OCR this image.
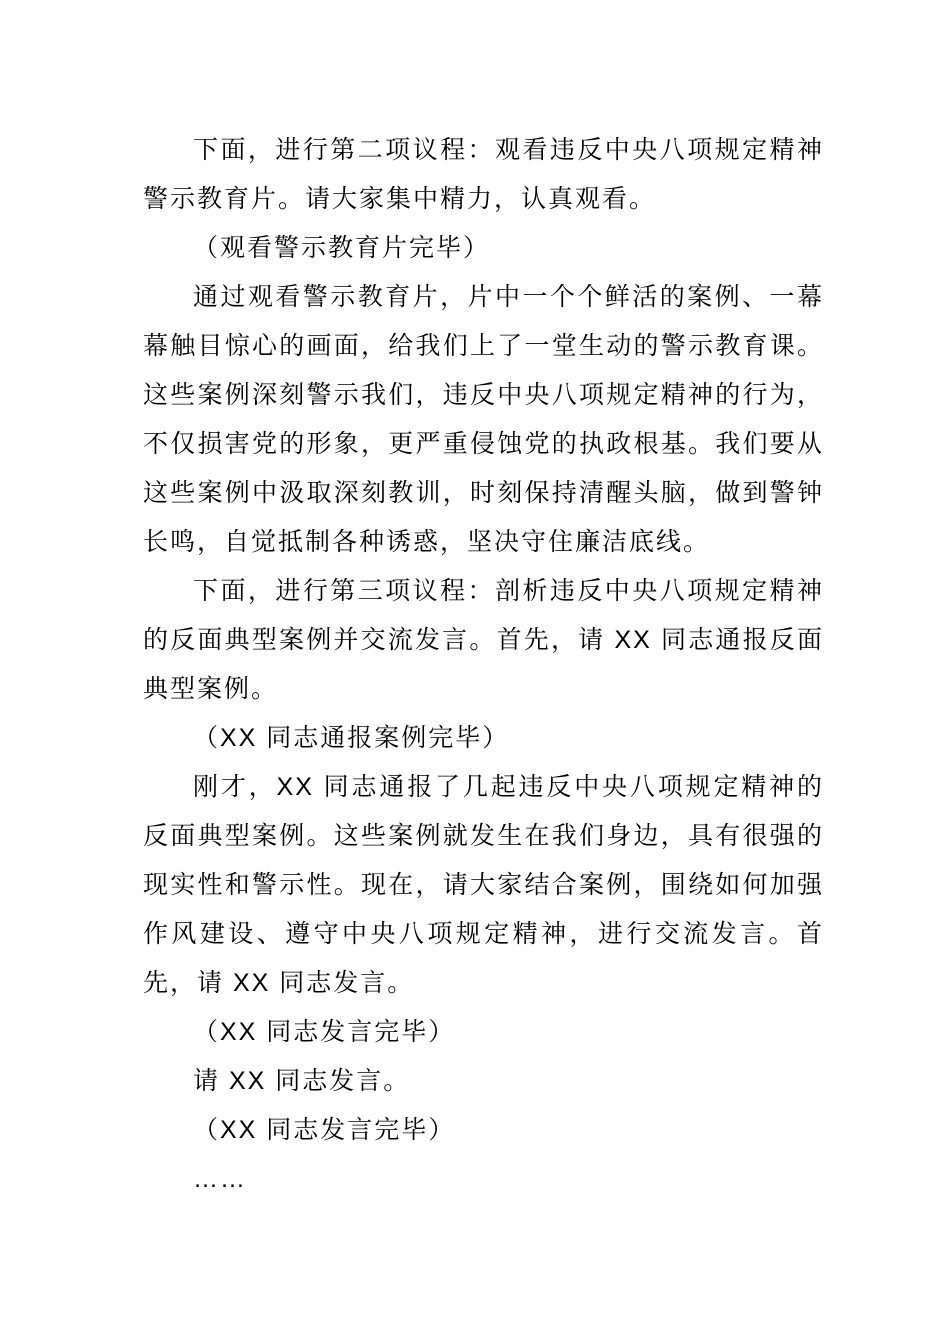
下面，进行第二项议程：观看违反中央八项规定精神警示教育片。请大家集中精力，认真观看。

（观看警示教育片完毕）

通过观看警示教育片，片中一个个鲜活的案例、一幕幕触目惊心的画面，给我们上了一堂生动的警示教育课。这些案例深刻警示我们，违反中央八项规定精神的行为，不仅损害党的形象，更严重侵蚀党的执政根基。我们要从这些案例中汲取深刻教训，时刻保持清醒头脑，做到警钟长鸣，自觉抵制各种诱惑，坚决守住廉洁底线。

下面，进行第三项议程：剖析违反中央八项规定精神的反面典型案例并交流发言。首先，请 XX 同志通报反面典型案例。

（XX 同志通报案例完毕）

刚才，XX 同志通报了几起违反中央八项规定精神的反面典型案例。这些案例就发生在我们身边，具有很强的现实性和警示性。现在，请大家结合案例，围绕如何加强作风建设、遵守中央八项规定精神，进行交流发言。首先，请 XX 同志发言。

（XX 同志发言完毕）

请 XX 同志发言。

（XX 同志发言完毕）

……
